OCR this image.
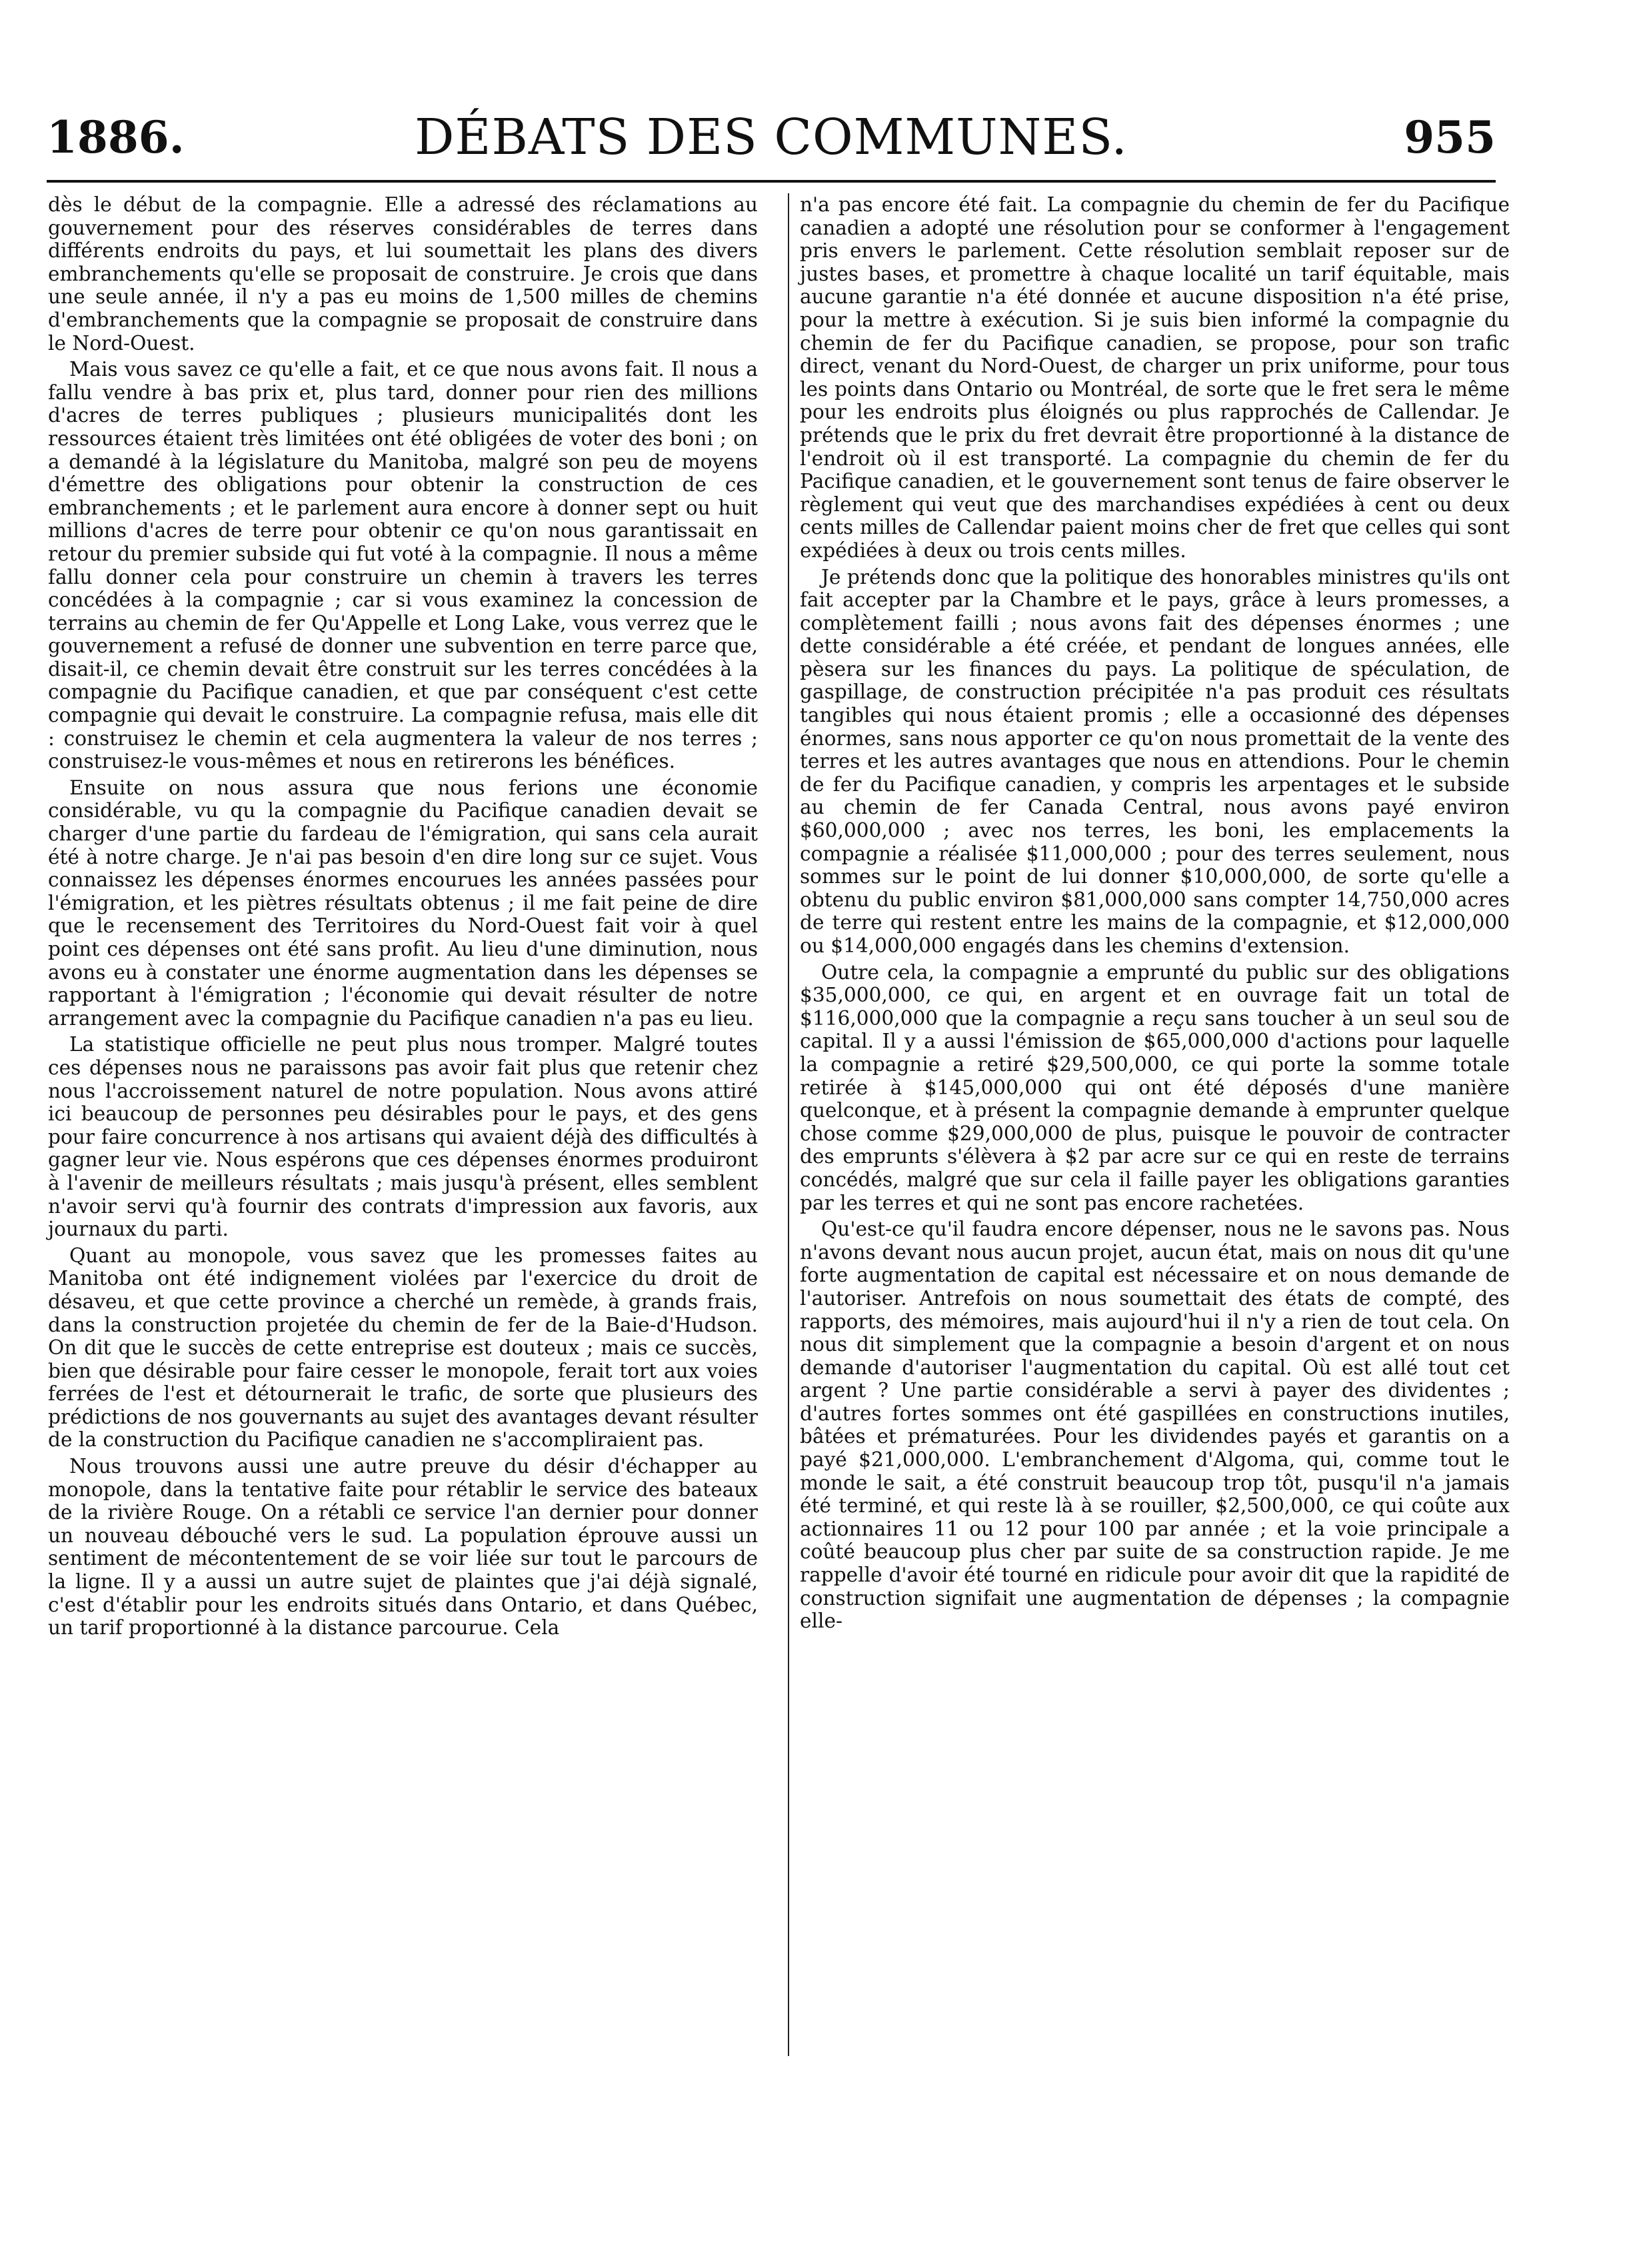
1886.	DÉBATS DES COMMUNES.	955

dès le début de la compagnie. Elle a adressé des réclamations au gouvernement pour des réserves considérables de terres dans différents endroits du pays, et lui soumettait les plans des divers embranchements qu'elle se proposait de construire. Je crois que dans une seule année, il n'y a pas eu moins de 1,500 milles de chemins d'embranchements que la compagnie se proposait de construire dans le Nord-Ouest.

Mais vous savez ce qu'elle a fait, et ce que nous avons fait. Il nous a fallu vendre à bas prix et, plus tard, donner pour rien des millions d'acres de terres publiques ; plusieurs municipalités dont les ressources étaient très limitées ont été obligées de voter des boni ; on a demandé à la législature du Manitoba, malgré son peu de moyens d'émettre des obligations pour obtenir la construction de ces embranchements ; et le parlement aura encore à donner sept ou huit millions d'acres de terre pour obtenir ce qu'on nous garantissait en retour du premier subside qui fut voté à la compagnie. Il nous a même fallu donner cela pour construire un chemin à travers les terres concédées à la compagnie ; car si vous examinez la concession de terrains au chemin de fer Qu'Appelle et Long Lake, vous verrez que le gouvernement a refusé de donner une subvention en terre parce que, disait-il, ce chemin devait être construit sur les terres concédées à la compagnie du Pacifique canadien, et que par conséquent c'est cette compagnie qui devait le construire. La compagnie refusa, mais elle dit : construisez le chemin et cela augmentera la valeur de nos terres ; construisez-le vous-mêmes et nous en retirerons les bénéfices.

Ensuite on nous assura que nous ferions une économie considérable, vu qu la compagnie du Pacifique canadien devait se charger d'une partie du fardeau de l'émigration, qui sans cela aurait été à notre charge. Je n'ai pas besoin d'en dire long sur ce sujet. Vous connaissez les dépenses énormes encourues les années passées pour l'émigration, et les piètres résultats obtenus ; il me fait peine de dire que le recensement des Territoires du Nord-Ouest fait voir à quel point ces dépenses ont été sans profit. Au lieu d'une diminution, nous avons eu à constater une énorme augmentation dans les dépenses se rapportant à l'émigration ; l'économie qui devait résulter de notre arrangement avec la compagnie du Pacifique canadien n'a pas eu lieu.

La statistique officielle ne peut plus nous tromper. Malgré toutes ces dépenses nous ne paraissons pas avoir fait plus que retenir chez nous l'accroissement naturel de notre population. Nous avons attiré ici beaucoup de personnes peu désirables pour le pays, et des gens pour faire concurrence à nos artisans qui avaient déjà des difficultés à gagner leur vie. Nous espérons que ces dépenses énormes produiront à l'avenir de meilleurs résultats ; mais jusqu'à présent, elles semblent n'avoir servi qu'à fournir des contrats d'impression aux favoris, aux journaux du parti.

Quant au monopole, vous savez que les promesses faites au Manitoba ont été indignement violées par l'exercice du droit de désaveu, et que cette province a cherché un remède, à grands frais, dans la construction projetée du chemin de fer de la Baie-d'Hudson. On dit que le succès de cette entreprise est douteux ; mais ce succès, bien que désirable pour faire cesser le monopole, ferait tort aux voies ferrées de l'est et détournerait le trafic, de sorte que plusieurs des prédictions de nos gouvernants au sujet des avantages devant résulter de la construction du Pacifique canadien ne s'accompliraient pas.

Nous trouvons aussi une autre preuve du désir d'échapper au monopole, dans la tentative faite pour rétablir le service des bateaux de la rivière Rouge. On a rétabli ce service l'an dernier pour donner un nouveau débouché vers le sud. La population éprouve aussi un sentiment de mécontentement de se voir liée sur tout le parcours de la ligne. Il y a aussi un autre sujet de plaintes que j'ai déjà signalé, c'est d'établir pour les endroits situés dans Ontario, et dans Québec, un tarif proportionné à la distance parcourue. Cela

n'a pas encore été fait. La compagnie du chemin de fer du Pacifique canadien a adopté une résolution pour se conformer à l'engagement pris envers le parlement. Cette résolution semblait reposer sur de justes bases, et promettre à chaque localité un tarif équitable, mais aucune garantie n'a été donnée et aucune disposition n'a été prise, pour la mettre à exécution. Si je suis bien informé la compagnie du chemin de fer du Pacifique canadien, se propose, pour son trafic direct, venant du Nord-Ouest, de charger un prix uniforme, pour tous les points dans Ontario ou Montréal, de sorte que le fret sera le même pour les endroits plus éloignés ou plus rapprochés de Callendar. Je prétends que le prix du fret devrait être proportionné à la distance de l'endroit où il est transporté. La compagnie du chemin de fer du Pacifique canadien, et le gouvernement sont tenus de faire observer le règlement qui veut que des marchandises expédiées à cent ou deux cents milles de Callendar paient moins cher de fret que celles qui sont expédiées à deux ou trois cents milles.

Je prétends donc que la politique des honorables ministres qu'ils ont fait accepter par la Chambre et le pays, grâce à leurs promesses, a complètement failli ; nous avons fait des dépenses énormes ; une dette considérable a été créée, et pendant de longues années, elle pèsera sur les finances du pays. La politique de spéculation, de gaspillage, de construction précipitée n'a pas produit ces résultats tangibles qui nous étaient promis ; elle a occasionné des dépenses énormes, sans nous apporter ce qu'on nous promettait de la vente des terres et les autres avantages que nous en attendions. Pour le chemin de fer du Pacifique canadien, y compris les arpentages et le subside au chemin de fer Canada Central, nous avons payé environ $60,000,000 ; avec nos terres, les boni, les emplacements la compagnie a réalisée $11,000,000 ; pour des terres seulement, nous sommes sur le point de lui donner $10,000,000, de sorte qu'elle a obtenu du public environ $81,000,000 sans compter 14,750,000 acres de terre qui restent entre les mains de la compagnie, et $12,000,000 ou $14,000,000 engagés dans les chemins d'extension.

Outre cela, la compagnie a emprunté du public sur des obligations $35,000,000, ce qui, en argent et en ouvrage fait un total de $116,000,000 que la compagnie a reçu sans toucher à un seul sou de capital. Il y a aussi l'émission de $65,000,000 d'actions pour laquelle la compagnie a retiré $29,500,000, ce qui porte la somme totale retirée à $145,000,000 qui ont été déposés d'une manière quelconque, et à présent la compagnie demande à emprunter quelque chose comme $29,000,000 de plus, puisque le pouvoir de contracter des emprunts s'élèvera à $2 par acre sur ce qui en reste de terrains concédés, malgré que sur cela il faille payer les obligations garanties par les terres et qui ne sont pas encore rachetées.

Qu'est-ce qu'il faudra encore dépenser, nous ne le savons pas. Nous n'avons devant nous aucun projet, aucun état, mais on nous dit qu'une forte augmentation de capital est nécessaire et on nous demande de l'autoriser. Antrefois on nous soumettait des états de compté, des rapports, des mémoires, mais aujourd'hui il n'y a rien de tout cela. On nous dit simplement que la compagnie a besoin d'argent et on nous demande d'autoriser l'augmentation du capital. Où est allé tout cet argent ? Une partie considérable a servi à payer des dividentes ; d'autres fortes sommes ont été gaspillées en constructions inutiles, bâtées et prématurées. Pour les dividendes payés et garantis on a payé $21,000,000. L'embranchement d'Algoma, qui, comme tout le monde le sait, a été construit beaucoup trop tôt, pusqu'il n'a jamais été terminé, et qui reste là à se rouiller, $2,500,000, ce qui coûte aux actionnaires 11 ou 12 pour 100 par année ; et la voie principale a coûté beaucoup plus cher par suite de sa construction rapide. Je me rappelle d'avoir été tourné en ridicule pour avoir dit que la rapidité de construction signifait une augmentation de dépenses ; la compagnie elle-
